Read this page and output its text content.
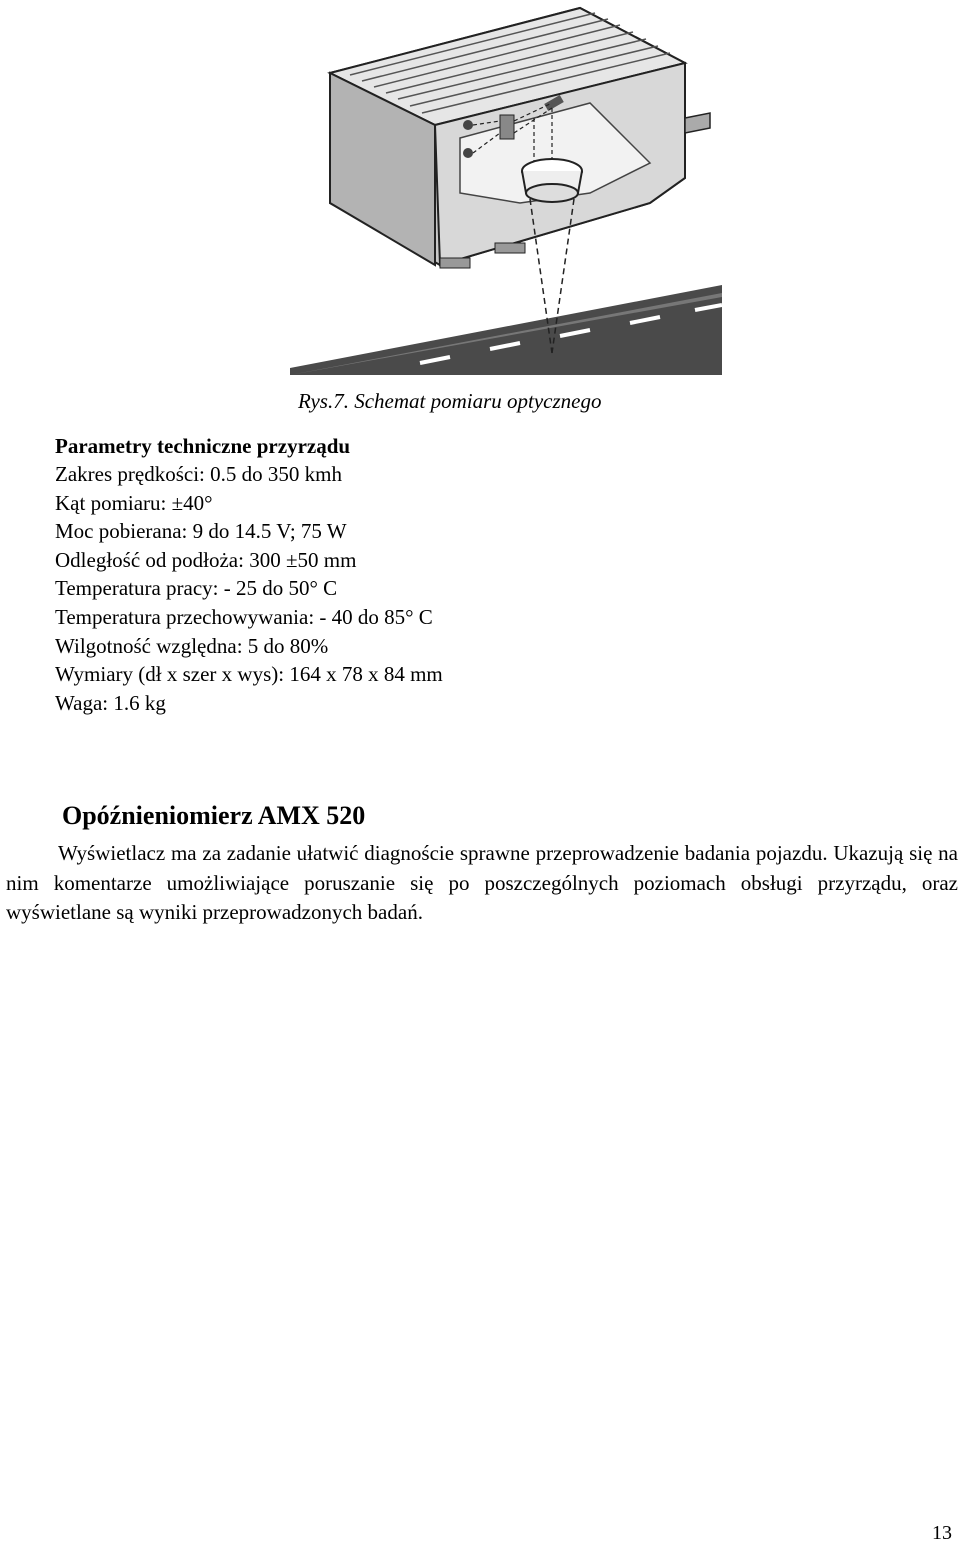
Rys.7. Schemat pomiaru optycznego
Parametry techniczne przyrządu
Zakres prędkości: 0.5 do 350 kmh
Kąt pomiaru: ±40°
Moc pobierana: 9 do 14.5 V; 75 W
Odległość od podłoża: 300 ±50 mm
Temperatura pracy: - 25 do 50° C
Temperatura przechowywania: - 40 do 85° C
Wilgotność względna: 5 do 80%
Wymiary (dł x szer x wys): 164 x 78 x 84 mm
Waga: 1.6 kg
Opóźnieniomierz AMX 520
Wyświetlacz ma za zadanie ułatwić diagnoście sprawne przeprowadzenie badania pojazdu. Ukazują się na nim komentarze umożliwiające poruszanie się po poszczególnych poziomach obsługi przyrządu, oraz wyświetlane są wyniki przeprowadzonych badań.
13
